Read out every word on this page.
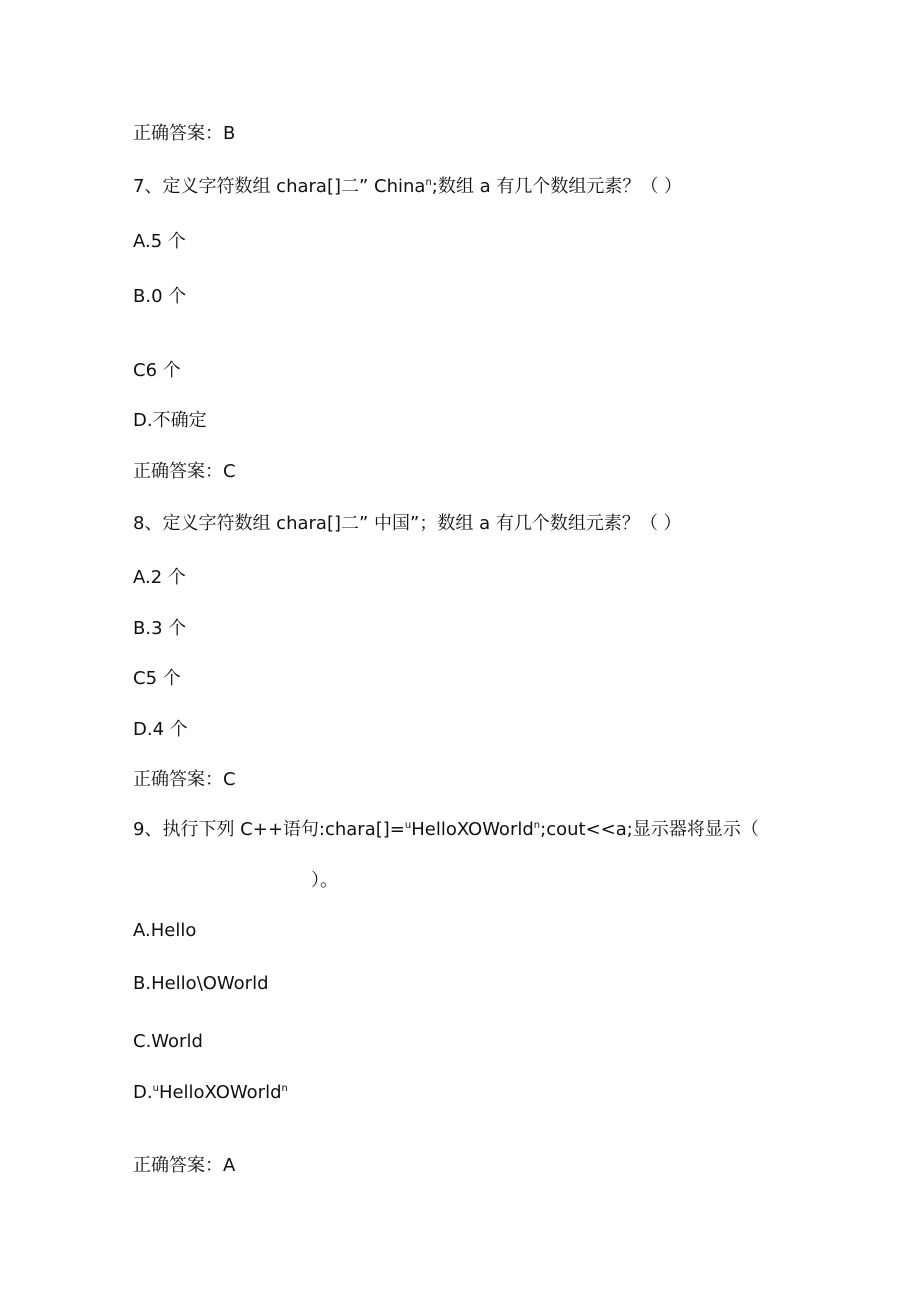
正确答案：B
7、定义字符数组 chara[]二” China$^n$;数组 a 有几个数组元素？（ ）
A.5 个
B.0 个
C6 个
D.不确定
正确答案：C
8、定义字符数组 chara[]二” 中国”；数组 a 有几个数组元素？（ ）
A.2 个
B.3 个
C5 个
D.4 个
正确答案：C
9、执行下列 C++语句:chara[]=$^u$HelloXOWorld$^n$;cout<<a;显示器将显示（
）。
A.Hello
B.Hello\OWorld
C.World
D.$^u$HelloXOWorld$^n$
正确答案：A
